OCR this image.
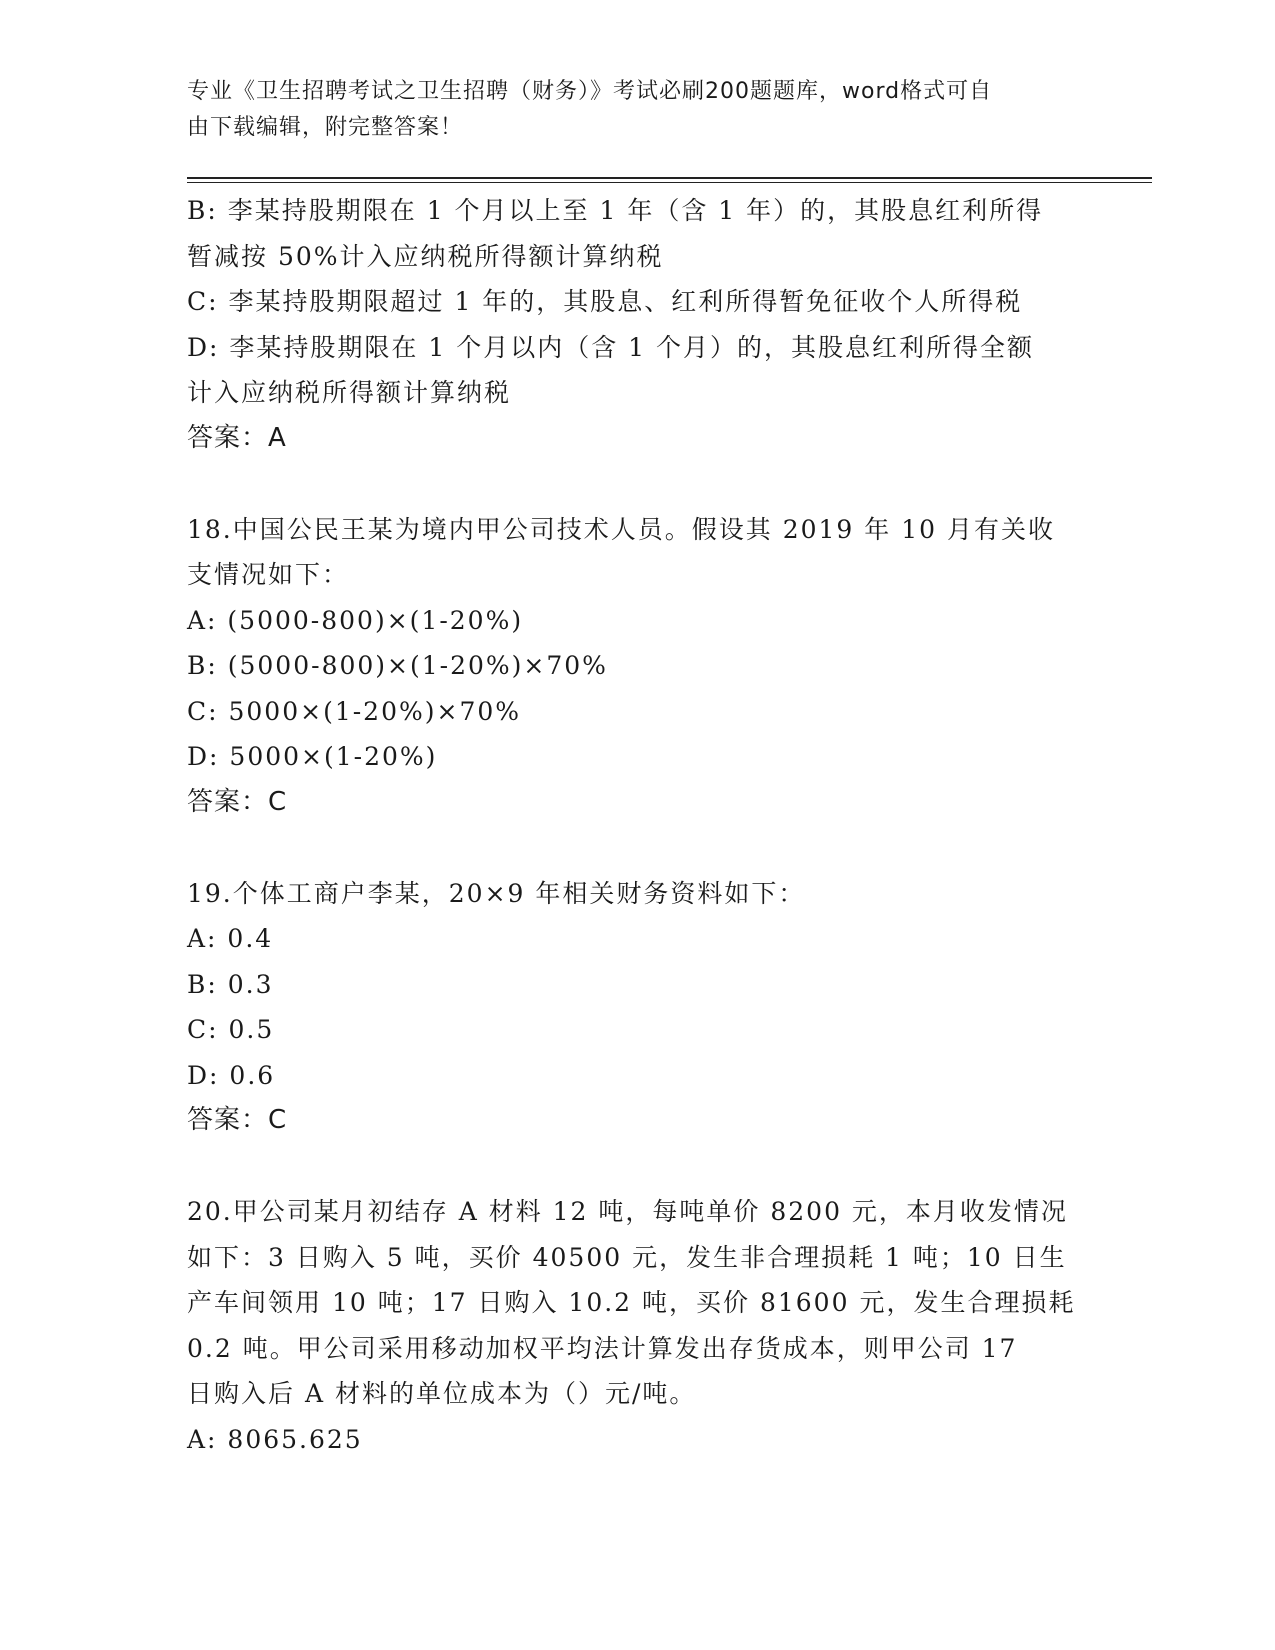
专业《卫生招聘考试之卫生招聘（财务）》考试必刷200题题库，word格式可自
由下载编辑，附完整答案！
B: 李某持股期限在 1 个月以上至 1 年（含 1 年）的，其股息红利所得
暂减按 50%计入应纳税所得额计算纳税
C: 李某持股期限超过 1 年的，其股息、红利所得暂免征收个人所得税
D: 李某持股期限在 1 个月以内（含 1 个月）的，其股息红利所得全额
计入应纳税所得额计算纳税
答案：A
18.中国公民王某为境内甲公司技术人员。假设其 2019 年 10 月有关收
支情况如下：
A: (5000-800)×(1-20%)
B: (5000-800)×(1-20%)×70%
C: 5000×(1-20%)×70%
D: 5000×(1-20%)
答案：C
19.个体工商户李某，20×9 年相关财务资料如下：
A: 0.4
B: 0.3
C: 0.5
D: 0.6
答案：C
20.甲公司某月初结存 A 材料 12 吨，每吨单价 8200 元，本月收发情况
如下：3 日购入 5 吨，买价 40500 元，发生非合理损耗 1 吨；10 日生
产车间领用 10 吨；17 日购入 10.2 吨，买价 81600 元，发生合理损耗
0.2 吨。甲公司采用移动加权平均法计算发出存货成本，则甲公司 17
日购入后 A 材料的单位成本为（）元/吨。
A: 8065.625
